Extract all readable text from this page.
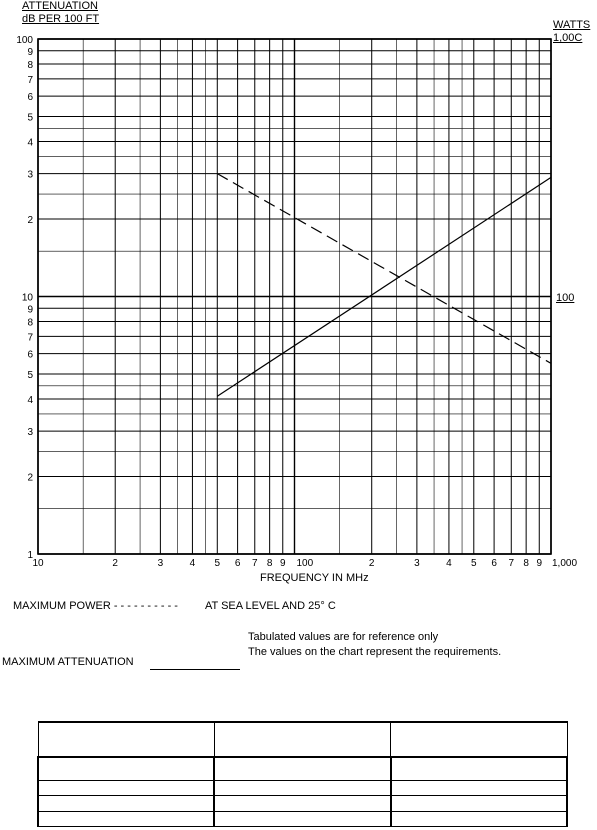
1
2
3
4
5
6
7
8
9
10
2
3
4
5
6
7
8
9
100
10	2	3	4 5 6 7 8 9 100	2	3	4 5 6 7 8 9 1,000
ATTENUATION
dB PER 100 FT	WATTS
1,00C
100
FREQUENCY IN MHz
MAXIMUM POWER - - - - - - - - - - AT SEA LEVEL AND 25° C
Tabulated values are for reference only
The values on the chart represent the requirements.
MAXIMUM ATTENUATION
